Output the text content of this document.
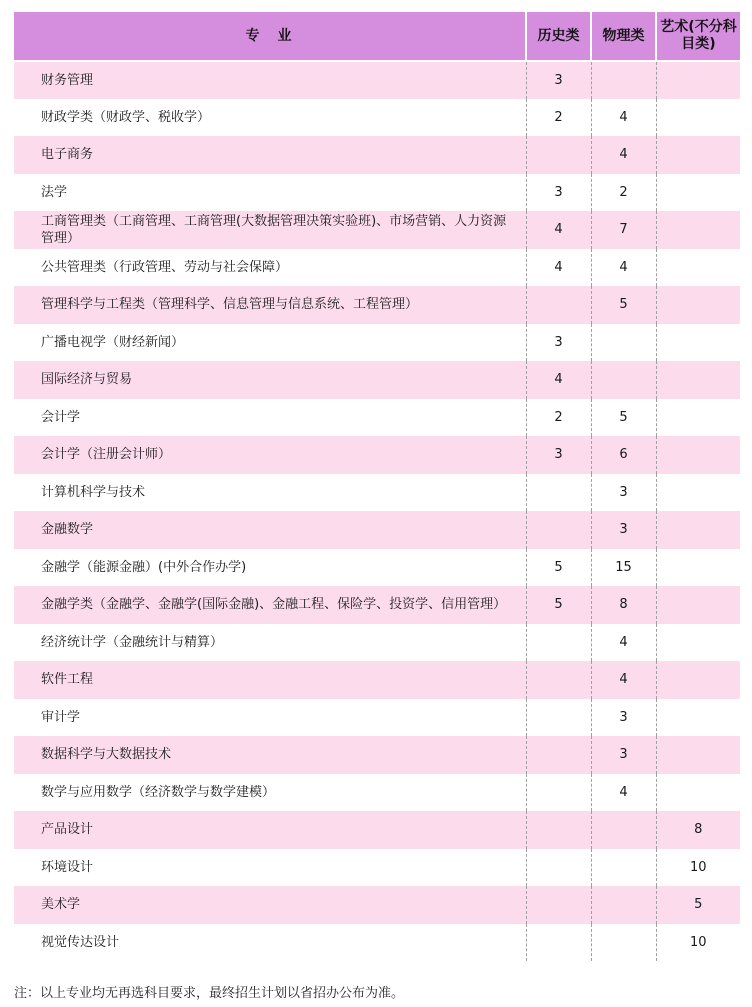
专业	历史类	物理类	艺术(不分科目类)
财务管理	3		
财政学类（财政学、税收学）	2	4	
电子商务		4	
法学	3	2	
工商管理类（工商管理、工商管理(大数据管理决策实验班)、市场营销、人力资源管理）	4	7	
公共管理类（行政管理、劳动与社会保障）	4	4	
管理科学与工程类（管理科学、信息管理与信息系统、工程管理）		5	
广播电视学（财经新闻）	3		
国际经济与贸易	4		
会计学	2	5	
会计学（注册会计师）	3	6	
计算机科学与技术		3	
金融数学		3	
金融学（能源金融）(中外合作办学)	5	15	
金融学类（金融学、金融学(国际金融)、金融工程、保险学、投资学、信用管理）	5	8	
经济统计学（金融统计与精算）		4	
软件工程		4	
审计学		3	
数据科学与大数据技术		3	
数学与应用数学（经济数学与数学建模）		4	
产品设计			8
环境设计			10
美术学			5
视觉传达设计			10
注：以上专业均无再选科目要求，最终招生计划以省招办公布为准。
